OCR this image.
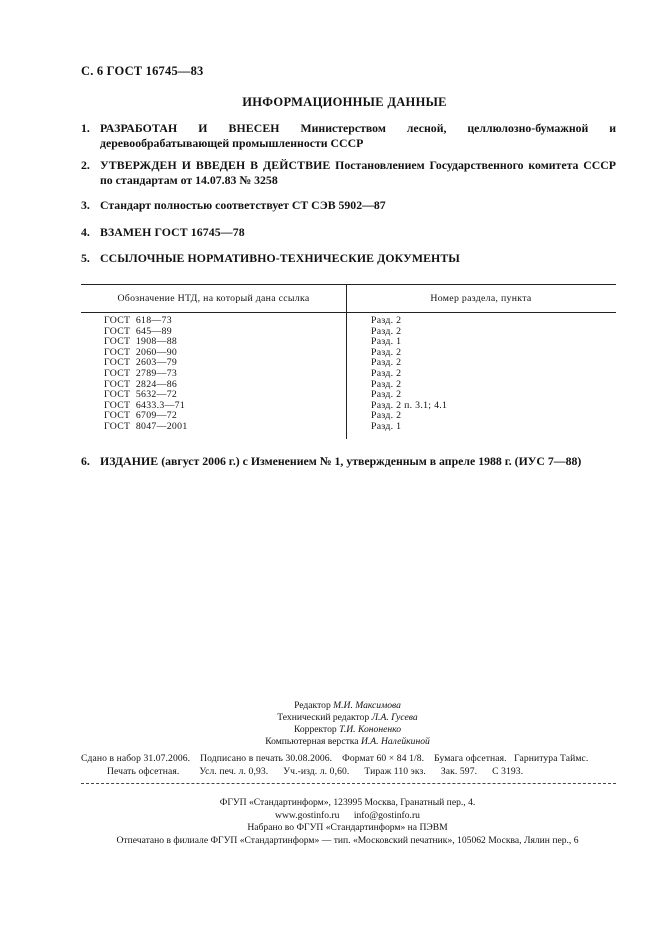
С. 6 ГОСТ 16745—83
ИНФОРМАЦИОННЫЕ ДАННЫЕ
1. РАЗРАБОТАН И ВНЕСЕН Министерством лесной, целлюлозно-бумажной и деревообрабатывающей промышленности СССР
2. УТВЕРЖДЕН И ВВЕДЕН В ДЕЙСТВИЕ Постановлением Государственного комитета СССР по стандартам от 14.07.83 № 3258
3. Стандарт полностью соответствует СТ СЭВ 5902—87
4. ВЗАМЕН ГОСТ 16745—78
5. ССЫЛОЧНЫЕ НОРМАТИВНО-ТЕХНИЧЕСКИЕ ДОКУМЕНТЫ
Обозначение НТД, на который дана ссылка	Номер раздела, пункта
ГОСТ  618—73
ГОСТ  645—89
ГОСТ  1908—88
ГОСТ  2060—90
ГОСТ  2603—79
ГОСТ  2789—73
ГОСТ  2824—86
ГОСТ  5632—72
ГОСТ  6433.3—71
ГОСТ  6709—72
ГОСТ  8047—2001
Разд. 2
Разд. 2
Разд. 1
Разд. 2
Разд. 2
Разд. 2
Разд. 2
Разд. 2
Разд. 2 п. 3.1; 4.1
Разд. 2
Разд. 1
6. ИЗДАНИЕ (август 2006 г.) с Изменением № 1, утвержденным в апреле 1988 г. (ИУС 7—88)
Редактор М.И. Максимова
Технический редактор Л.А. Гусева
Корректор Т.И. Кононенко
Компьютерная верстка И.А. Налейкиной
Сдано в набор 31.07.2006. Подписано в печать 30.08.2006. Формат 60 × 84 1/8. Бумага офсетная. Гарнитура Таймс.
Печать офсетная. Усл. печ. л. 0,93. Уч.-изд. л. 0,60. Тираж 110 экз. Зак. 597. С 3193.
ФГУП «Стандартинформ», 123995 Москва, Гранатный пер., 4.
www.gostinfo.ru      info@gostinfo.ru
Набрано во ФГУП «Стандартинформ» на ПЭВМ
Отпечатано в филиале ФГУП «Стандартинформ» — тип. «Московский печатник», 105062 Москва, Лялин пер., 6
